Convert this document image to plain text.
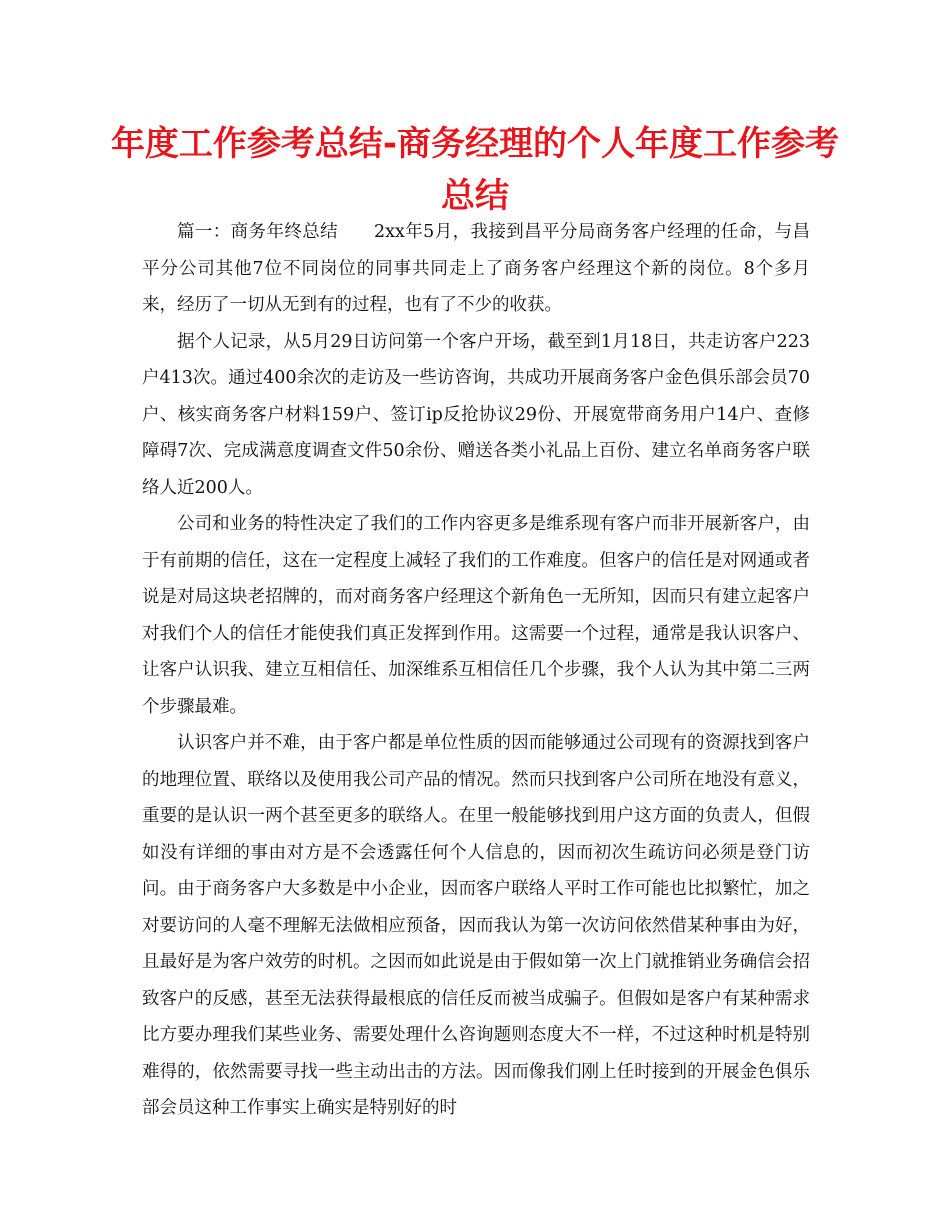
年度工作参考总结-商务经理的个人年度工作参考总结

篇一：商务年终总结 2xx年5月，我接到昌平分局商务客户经理的任命，与昌平分公司其他7位不同岗位的同事共同走上了商务客户经理这个新的岗位。8个多月来，经历了一切从无到有的过程，也有了不少的收获。

据个人记录，从5月29日访问第一个客户开场，截至到1月18日，共走访客户223户413次。通过400余次的走访及一些访咨询，共成功开展商务客户金色俱乐部会员70户、核实商务客户材料159户、签订ip反抢协议29份、开展宽带商务用户14户、查修障碍7次、完成满意度调查文件50余份、赠送各类小礼品上百份、建立名单商务客户联络人近200人。

公司和业务的特性决定了我们的工作内容更多是维系现有客户而非开展新客户，由于有前期的信任，这在一定程度上减轻了我们的工作难度。但客户的信任是对网通或者说是对局这块老招牌的，而对商务客户经理这个新角色一无所知，因而只有建立起客户对我们个人的信任才能使我们真正发挥到作用。这需要一个过程，通常是我认识客户、让客户认识我、建立互相信任、加深维系互相信任几个步骤，我个人认为其中第二三两个步骤最难。

认识客户并不难，由于客户都是单位性质的因而能够通过公司现有的资源找到客户的地理位置、联络以及使用我公司产品的情况。然而只找到客户公司所在地没有意义，重要的是认识一两个甚至更多的联络人。在里一般能够找到用户这方面的负责人，但假如没有详细的事由对方是不会透露任何个人信息的，因而初次生疏访问必须是登门访问。由于商务客户大多数是中小企业，因而客户联络人平时工作可能也比拟繁忙，加之对要访问的人毫不理解无法做相应预备，因而我认为第一次访问依然借某种事由为好，且最好是为客户效劳的时机。之因而如此说是由于假如第一次上门就推销业务确信会招致客户的反感，甚至无法获得最根底的信任反而被当成骗子。但假如是客户有某种需求比方要办理我们某些业务、需要处理什么咨询题则态度大不一样，不过这种时机是特别难得的，依然需要寻找一些主动出击的方法。因而像我们刚上任时接到的开展金色俱乐部会员这种工作事实上确实是特别好的时
